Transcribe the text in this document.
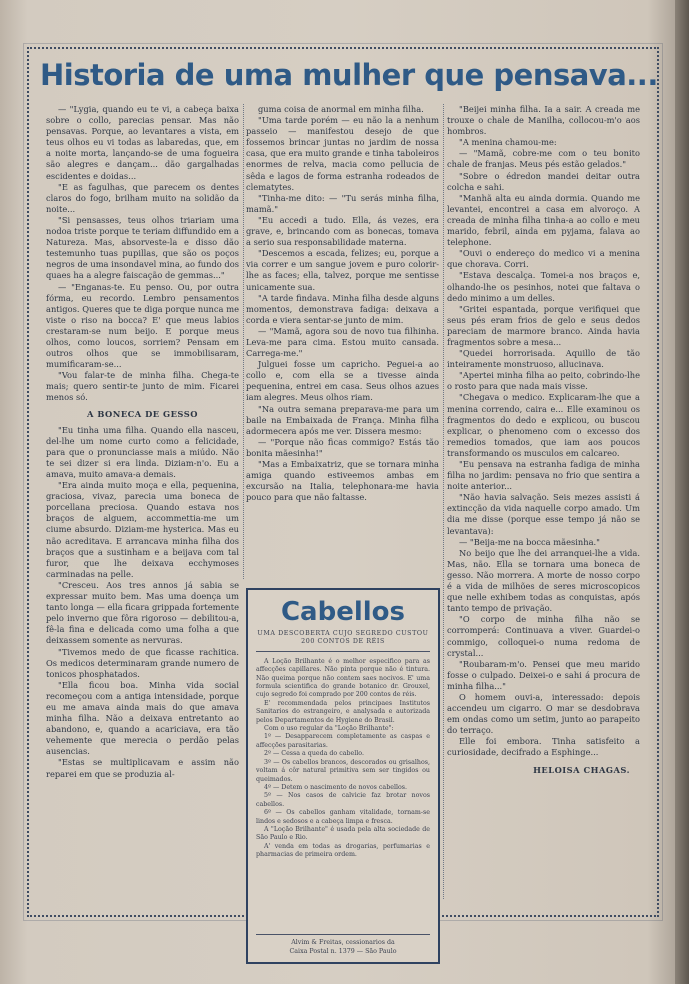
Historia de uma mulher que pensava...

— "Lygia, quando eu te vi, a cabeça baixa sobre o collo, parecias pensar. Mas não pensavas. Porque, ao levantares a vista, em teus olhos eu vi todas as labaredas, que, em a noite morta, lançando-se de uma fogueira são alegres e dançam... dão gargalhadas escidentes e doidas...

"E as fagulhas, que parecem os dentes claros do fogo, brilham muito na solidão da noite...

"Si pensasses, teus olhos triariam uma nodoa triste porque te teriam diffundido em a Natureza. Mas, absorveste-la e disso dão testemunho tuas pupillas, que são os poços negros de uma insondavel mina, ao fundo dos quaes ha a alegre faiscação de gemmas..."

— "Enganas-te. Eu penso. Ou, por outra fórma, eu recordo. Lembro pensamentos antigos. Queres que te diga porque nunca me viste o riso na bocca? E' que meus labios crestaram-se num beijo. E porque meus olhos, como loucos, sorriem? Pensam em outros olhos que se immobilisaram, mumificaram-se...

"Vou falar-te de minha filha. Chega-te mais; quero sentir-te junto de mim. Ficarei menos só.

A BONECA DE GESSO

"Eu tinha uma filha. Quando ella nasceu, del-lhe um nome curto como a felicidade, para que o pronunciasse mais a miúdo. Não te sei dizer si era linda. Diziam-n'o. Eu a amava, muito amava-a demais.

"Era ainda muito moça e ella, pequenina, graciosa, vivaz, parecia uma boneca de porcellana preciosa. Quando estava nos braços de alguem, accommettia-me um ciume absurdo. Diziam-me hysterica. Mas eu não acreditava. E arrancava minha filha dos braços que a sustinham e a beijava com tal furor, que lhe deixava ecchymoses carminadas na pelle.

"Cresceu. Aos tres annos já sabia se expressar muito bem. Mas uma doença um tanto longa — ella ficara grippada fortemente pelo inverno que fôra rigoroso — debilitou-a, fê-la fina e delicada como uma folha a que deixassem somente as nervuras.

"Tivemos medo de que ficasse rachitica. Os medicos determinaram grande numero de tonicos phosphatados.

"Ella ficou boa. Minha vida social recomeçou com a antiga intensidade, porque eu me amava ainda mais do que amava minha filha. Não a deixava entretanto ao abandono, e, quando a acariciava, era tão vehemente que merecia o perdão pelas ausencias.

"Estas se multiplicavam e assim não reparei em que se produzia al-

guma coisa de anormal em minha filha.

"Uma tarde porém — eu não la a nenhum passeio — manifestou desejo de que fossemos brincar juntas no jardim de nossa casa, que era muito grande e tinha taboleiros enormes de relva, macia como pellucia de sêda e lagos de forma estranha rodeados de clematytes.

"Tinha-me dito: — "Tu serás minha filha, mamã."

"Eu accedi a tudo. Ella, ás vezes, era grave, e, brincando com as bonecas, tomava a serio sua responsabilidade materna.

"Descemos a escada, felizes; eu, porque a via correr e um sangue jovem e puro colorir-lhe as faces; ella, talvez, porque me sentisse unicamente sua.

"A tarde findava. Minha filha desde alguns momentos, demonstrava fadiga: deixava a corda e viera sentar-se junto de mim.

— "Mamã, agora sou de novo tua filhinha. Leva-me para cima. Estou muito cansada. Carrega-me."

Julguei fosse um capricho. Peguei-a ao collo e, com ella se a tivesse ainda pequenina, entrei em casa. Seus olhos azues iam alegres. Meus olhos riam.

"Na outra semana preparava-me para um baile na Embaixada de França. Minha filha adormecera após me ver. Dissera mesmo:

— "Porque não ficas commigo? Estás tão bonita mãesinha!"

"Mas a Embaixatriz, que se tornara minha amiga quando estiveemos ambas em excursão na Italia, telephonara-me havia pouco para que não faltasse.

"Beijei minha filha. Ia a sair. A creada me trouxe o chale de Manilha, collocou-m'o aos hombros.

"A menina chamou-me:

— "Mamã, cobre-me com o teu bonito chale de franjas. Meus pés estão gelados."

"Sobre o édredon mandei deitar outra colcha e sahi.

"Manhã alta eu ainda dormia. Quando me levantei, encontrei a casa em alvoroço. A creada de minha filha tinha-a ao collo e meu marido, febril, ainda em pyjama, falava ao telephone.

"Ouvi o endereço do medico vi a menina que chorava. Corri.

"Estava descalça. Tomei-a nos braços e, olhando-lhe os pesinhos, notei que faltava o dedo minimo a um delles.

"Gritei espantada, porque verifiquei que seus pés eram frios de gelo e seus dedos pareciam de marmore branco. Ainda havia fragmentos sobre a mesa...

"Quedei horrorisada. Aquillo de tão inteiramente monstruoso, allucinava.

"Apertei minha filha ao peito, cobrindo-lhe o rosto para que nada mais visse.

"Chegava o medico. Explicaram-lhe que a menina correndo, caira e... Elle examinou os fragmentos do dedo e explicou, ou buscou explicar, o phenomeno com o excesso dos remedios tomados, que iam aos poucos transformando os musculos em calcareo.

"Eu pensava na estranha fadiga de minha filha no jardim: pensava no frio que sentira a noite anterior...

"Não havia salvação. Seis mezes assisti á extincção da vida naquelle corpo amado. Um dia me disse (porque esse tempo já não se levantava):

— "Beija-me na bocca mãesinha."

No beijo que lhe dei arranquei-lhe a vida. Mas, não. Ella se tornara uma boneca de gesso. Não morrera. A morte de nosso corpo é a vida de milhões de seres microscopicos que nelle exhibem todas as conquistas, após tanto tempo de privação.

"O corpo de minha filha não se corromperá: Continuava a viver. Guardei-o commigo, colloquei-o numa redoma de crystal...

"Roubaram-m'o. Pensei que meu marido fosse o culpado. Deixei-o e sahi á procura de minha filha..."

O homem ouvi-a, interessado: depois accendeu um cigarro. O mar se desdobrava em ondas como um setim, junto ao parapeito do terraço.

Elle foi embora. Tinha satisfeito a curiosidade, decifrado a Esphinge...

HELOISA CHAGAS.

Cabellos
UMA DESCOBERTA CUJO SEGREDO CUSTOU 200 CONTOS DE RÉIS

A Loção Brilhante é o melhor especifico para as affecções capillares. Não pinta porque não é tintura. Não queima porque não contem saes nocivos. E' uma formula scientifica do grande botanico dr. Grouxel, cujo segredo foi comprado por 200 contos de réis.

E' recommendada pelos principaes Institutos Sanitarios do estrangeiro, e analysada e autorizada pelos Departamentos de Hygiene do Brasil.

Com o uso regular da "Loção Brilhante":

1º — Desapparecem completamente as caspas e affecções parasitarias.

2º — Cessa a queda do cabello.

3º — Os cabellos brancos, descorados ou grisalhos, voltam á côr natural primitiva sem ser tingidos ou queimados.

4º — Detem o nascimento de novos cabellos.

5º — Nos casos de calvicie faz brotar novos cabellos.

6º — Os cabellos ganham vitalidade, tornam-se lindos e sedosos e a cabeça limpa e fresca.

A "Loção Brilhante" é usada pela alta sociedade de São Paulo e Rio.

A' venda em todas as drogarias, perfumarias e pharmacias de primeira ordem.

Alvim & Freitas, cessionarios da
Caixa Postal n. 1379 — São Paulo
